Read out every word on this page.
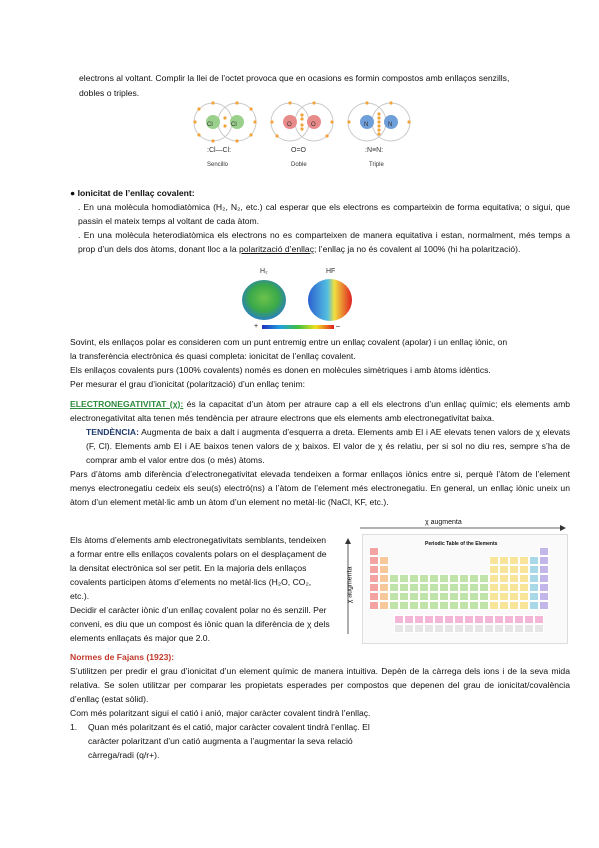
electrons al voltant. Complir la llei de l’octet provoca que en ocasions es formin compostos amb enllaços senzills,

dobles o triples.

Cl	Cl	O	O	N	N
:Cl—Cl:	O=O	:N≡N:
Sencillo	Doble	Triple

● Ionicitat de l’enllaç covalent:

. En una molècula homodiatòmica (H₂, N₂, etc.) cal esperar que els electrons es comparteixin de forma equitativa; o sigui, que passin el mateix temps al voltant de cada àtom.

. En una molècula heterodiatòmica els electrons no es comparteixen de manera equitativa i estan, normalment, més temps a prop d’un dels dos àtoms, donant lloc a la polarització d’enllaç; l’enllaç ja no és covalent al 100% (hi ha polarització).

H₂	HF
+	–

Sovint, els enllaços polar es consideren com un punt entremig entre un enllaç covalent (apolar) i un enllaç iònic, on

la transferència electrònica és quasi completa: ionicitat de l’enllaç covalent.

Els enllaços covalents purs (100% covalents) només es donen en molècules simètriques i amb àtoms idèntics.

Per mesurar el grau d’ionicitat (polarització) d’un enllaç tenim:

ELECTRONEGATIVITAT (χ): és la capacitat d’un àtom per atraure cap a ell els electrons d’un enllaç químic; els elements amb electronegativitat alta tenen més tendència per atraure electrons que els elements amb electronegativitat baixa.

TENDÈNCIA: Augmenta de baix a dalt i augmenta d’esquerra a dreta. Elements amb EI i AE elevats tenen valors de χ elevats (F, Cl). Elements amb EI i AE baixos tenen valors de χ baixos. El valor de χ és relatiu, per si sol no diu res, sempre s’ha de comprar amb el valor entre dos (o més) àtoms.

Pars d’àtoms amb diferència d’electronegativitat elevada tendeixen a formar enllaços iònics entre si, perquè l’àtom de l’element menys electronegatiu cedeix els seu(s) electró(ns) a l’àtom de l’element més electronegatiu. En general, un enllaç iònic uneix un àtom d’un element metàl·lic amb un àtom d’un element no metàl·lic (NaCl, KF, etc.).

Els àtoms d’elements amb electronegativitats semblants, tendeixen a formar entre ells enllaços covalents polars on el desplaçament de la densitat electrònica sol ser petit. En la majoria dels enllaços covalents participen àtoms d’elements no metàl·lics (H₂O, CO₂, etc.).

Decidir el caràcter iònic d’un enllaç covalent polar no és senzill. Per conveni, es diu que un compost és iònic quan la diferència de χ dels elements enllaçats és major que 2.0.

χ augmenta
χ augmenta
Periodic Table of the Elements

Normes de Fajans (1923):

S’utilitzen per predir el grau d’ionicitat d’un element químic de manera intuitiva. Depèn de la càrrega dels ions i de la seva mida relativa. Se solen utilitzar per comparar les propietats esperades per compostos que depenen del grau de ionicitat/covalència d’enllaç (estat sòlid).

Com més polaritzant sigui el catió i anió, major caràcter covalent tindrà l’enllaç.

1.	Quan més polaritzant és el catió, major caràcter covalent tindrà l’enllaç. El caràcter polaritzant d’un catió augmenta a l’augmentar la seva relació càrrega/radi (q/r+).
